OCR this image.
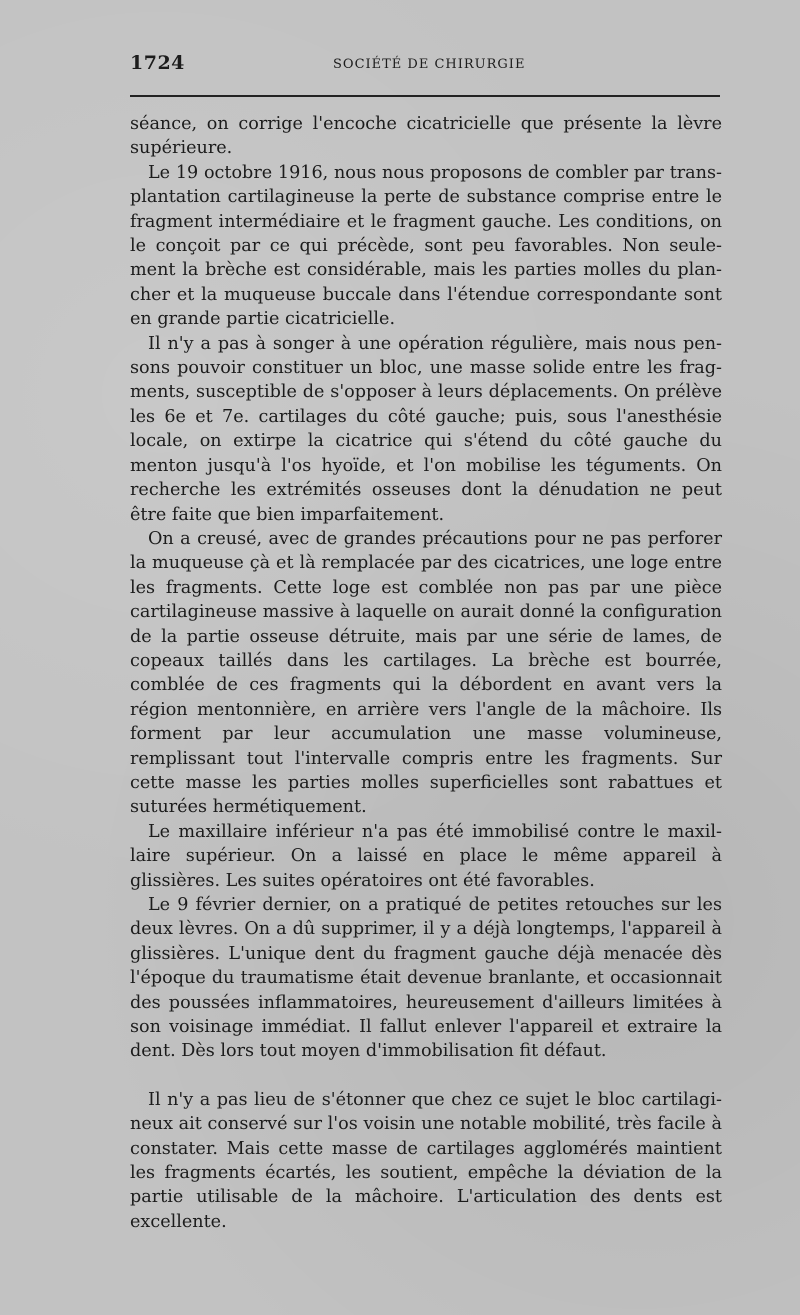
1724	SOCIÉTÉ DE CHIRURGIE

séance, on corrige l'encoche cicatricielle que présente la lèvre supérieure.

Le 19 octobre 1916, nous nous proposons de combler par transplantation cartilagineuse la perte de substance comprise entre le fragment intermédiaire et le fragment gauche. Les conditions, on le conçoit par ce qui précède, sont peu favorables. Non seulement la brèche est considérable, mais les parties molles du plancher et la muqueuse buccale dans l'étendue correspondante sont en grande partie cicatricielle.

Il n'y a pas à songer à une opération régulière, mais nous pensons pouvoir constituer un bloc, une masse solide entre les fragments, susceptible de s'opposer à leurs déplacements. On prélève les 6e et 7e. cartilages du côté gauche; puis, sous l'anesthésie locale, on extirpe la cicatrice qui s'étend du côté gauche du menton jusqu'à l'os hyoïde, et l'on mobilise les téguments. On recherche les extrémités osseuses dont la dénudation ne peut être faite que bien imparfaitement.

On a creusé, avec de grandes précautions pour ne pas perforer la muqueuse çà et là remplacée par des cicatrices, une loge entre les fragments. Cette loge est comblée non pas par une pièce cartilagineuse massive à laquelle on aurait donné la configuration de la partie osseuse détruite, mais par une série de lames, de copeaux taillés dans les cartilages. La brèche est bourrée, comblée de ces fragments qui la débordent en avant vers la région mentonnière, en arrière vers l'angle de la mâchoire. Ils forment par leur accumulation une masse volumineuse, remplissant tout l'intervalle compris entre les fragments. Sur cette masse les parties molles superficielles sont rabattues et suturées hermétiquement.

Le maxillaire inférieur n'a pas été immobilisé contre le maxillaire supérieur. On a laissé en place le même appareil à glissières. Les suites opératoires ont été favorables.

Le 9 février dernier, on a pratiqué de petites retouches sur les deux lèvres. On a dû supprimer, il y a déjà longtemps, l'appareil à glissières. L'unique dent du fragment gauche déjà menacée dès l'époque du traumatisme était devenue branlante, et occasionnait des poussées inflammatoires, heureusement d'ailleurs limitées à son voisinage immédiat. Il fallut enlever l'appareil et extraire la dent. Dès lors tout moyen d'immobilisation fit défaut.

Il n'y a pas lieu de s'étonner que chez ce sujet le bloc cartilagineux ait conservé sur l'os voisin une notable mobilité, très facile à constater. Mais cette masse de cartilages agglomérés maintient les fragments écartés, les soutient, empêche la déviation de la partie utilisable de la mâchoire. L'articulation des dents est excellente.
